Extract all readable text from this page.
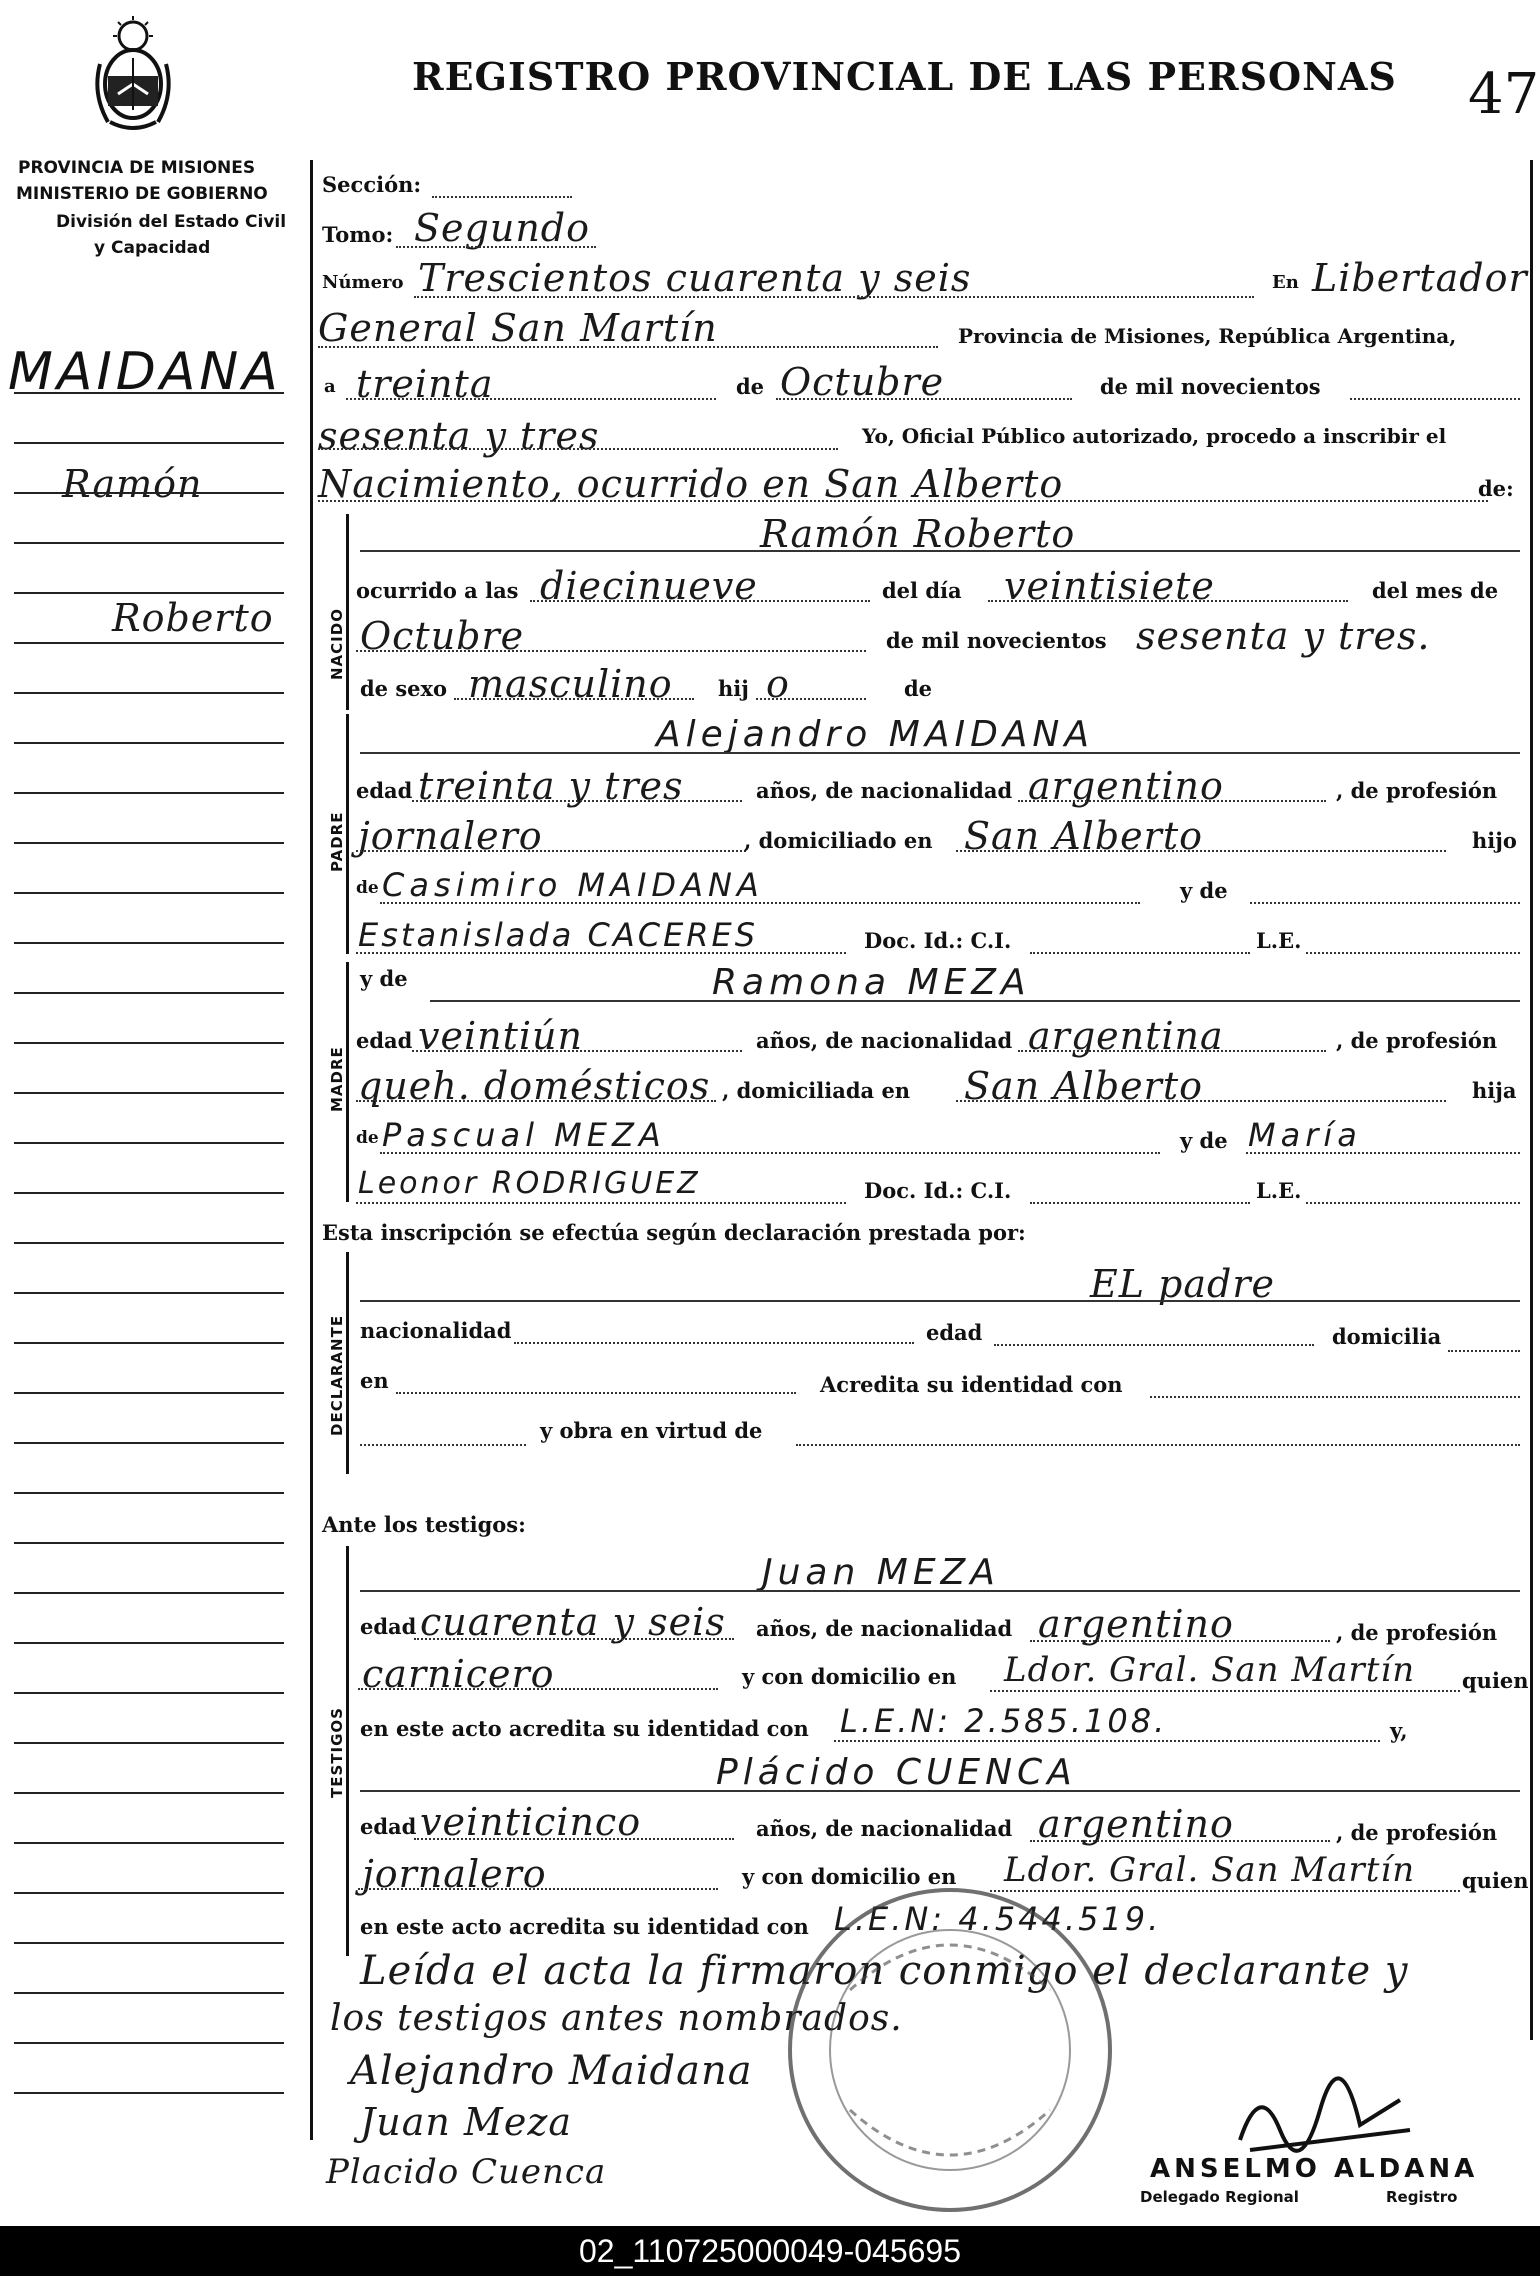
REGISTRO PROVINCIAL DE LAS PERSONAS 47
PROVINCIA DE MISIONES
MINISTERIO DE GOBIERNO
División del Estado Civil
y Capacidad
MAIDANA
Ramón
Roberto
Sección:
Tomo: Segundo
Número Trescientos cuarenta y seis	En Libertador
General San Martín	Provincia de Misiones, República Argentina,
a treinta	de Octubre	de mil novecientos
sesenta y tres	Yo, Oficial Público autorizado, procedo a inscribir el
Nacimiento, ocurrido en San Alberto	de:
NACIDO
Ramón Roberto
ocurrido a las diecinueve	del día veintisiete	del mes de
Octubre	de mil novecientos sesenta y tres.
de sexo masculino hij o	de
PADRE
Alejandro MAIDANA
edad treinta y tres	años, de nacionalidad argentino	, de profesión
jornalero	, domiciliado en San Alberto	hijo
de Casimiro MAIDANA	y de
Estanislada CACERES	Doc. Id.: C.I.	L.E.
MADRE
y de	Ramona MEZA
edad veintiún	años, de nacionalidad argentina	, de profesión
queh. domésticos , domiciliada en San Alberto	hija
de Pascual MEZA	y de María
Leonor RODRIGUEZ	Doc. Id.: C.I.	L.E.
Esta inscripción se efectúa según declaración prestada por:
DECLARANTE
EL padre
nacionalidad	edad	domicilia
en	Acredita su identidad con
y obra en virtud de
Ante los testigos:
TESTIGOS
Juan MEZA
edad cuarenta y seis años, de nacionalidad argentino	, de profesión
carnicero	y con domicilio en Ldor. Gral. San Martín quien
en este acto acredita su identidad con L.E.N: 2.585.108.	y,
Plácido CUENCA
edad veinticinco	años, de nacionalidad argentino	, de profesión
jornalero	y con domicilio en Ldor. Gral. San Martín quien
en este acto acredita su identidad con L.E.N: 4.544.519.
Leída el acta la firmaron conmigo el declarante y
los testigos antes nombrados.
Alejandro Maidana
Juan Meza
Placido Cuenca	ANSELMO ALDANA
Delegado Regional	Registro
02_110725000049-045695
